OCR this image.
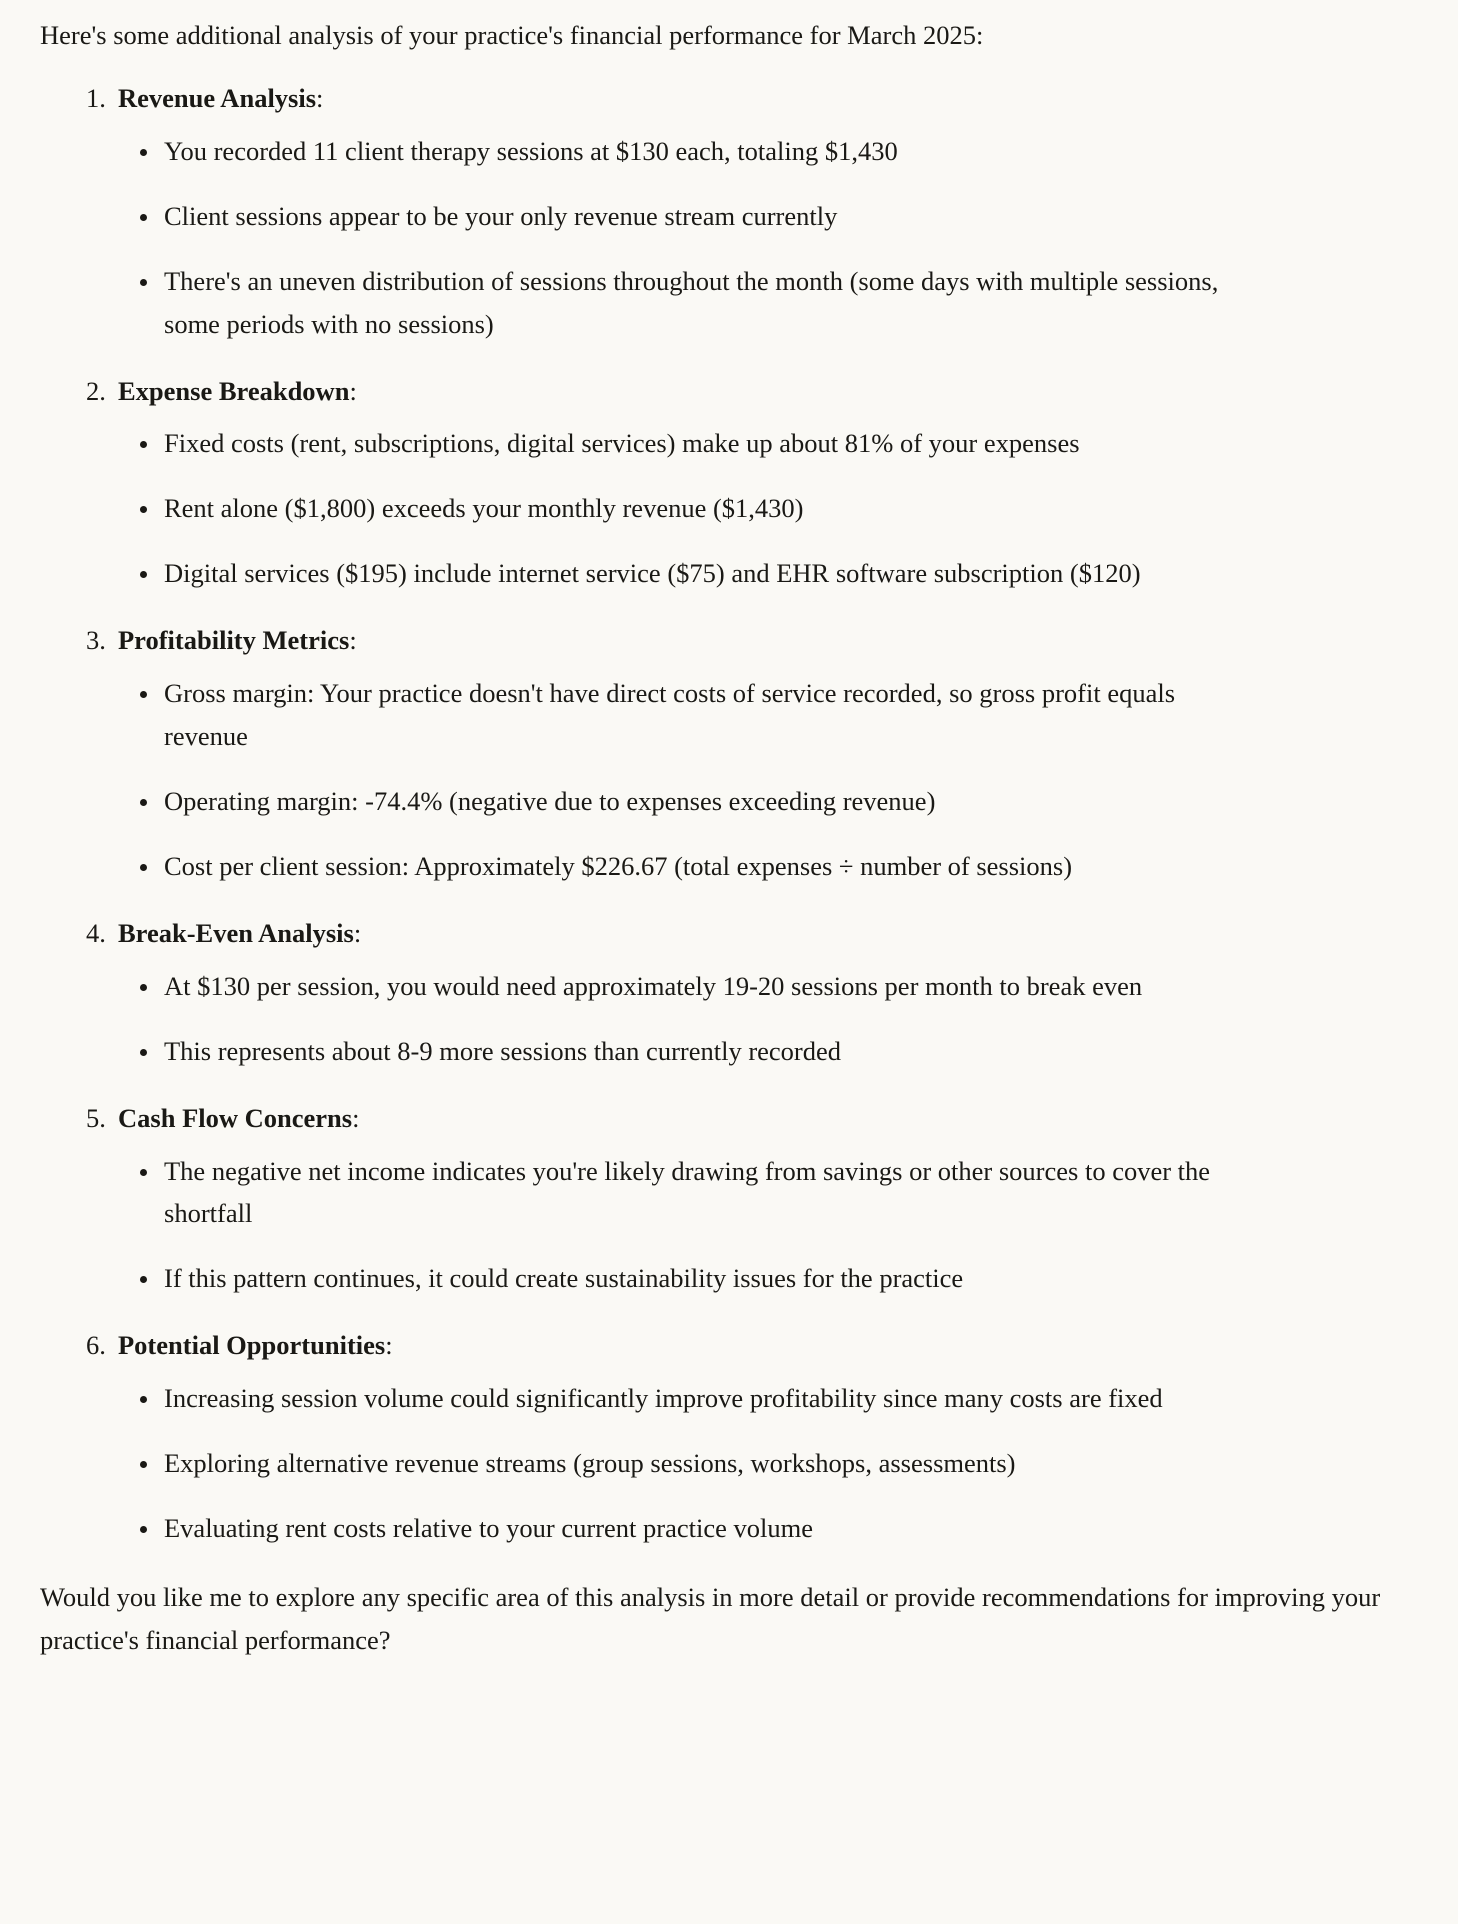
Here's some additional analysis of your practice's financial performance for March 2025:

Revenue Analysis:
You recorded 11 client therapy sessions at $130 each, totaling $1,430
Client sessions appear to be your only revenue stream currently
There's an uneven distribution of sessions throughout the month (some days with multiple sessions, some periods with no sessions)
Expense Breakdown:
Fixed costs (rent, subscriptions, digital services) make up about 81% of your expenses
Rent alone ($1,800) exceeds your monthly revenue ($1,430)
Digital services ($195) include internet service ($75) and EHR software subscription ($120)
Profitability Metrics:
Gross margin: Your practice doesn't have direct costs of service recorded, so gross profit equals revenue
Operating margin: -74.4% (negative due to expenses exceeding revenue)
Cost per client session: Approximately $226.67 (total expenses ÷ number of sessions)
Break-Even Analysis:
At $130 per session, you would need approximately 19-20 sessions per month to break even
This represents about 8-9 more sessions than currently recorded
Cash Flow Concerns:
The negative net income indicates you're likely drawing from savings or other sources to cover the shortfall
If this pattern continues, it could create sustainability issues for the practice
Potential Opportunities:
Increasing session volume could significantly improve profitability since many costs are fixed
Exploring alternative revenue streams (group sessions, workshops, assessments)
Evaluating rent costs relative to your current practice volume

Would you like me to explore any specific area of this analysis in more detail or provide recommendations for improving your practice's financial performance?
